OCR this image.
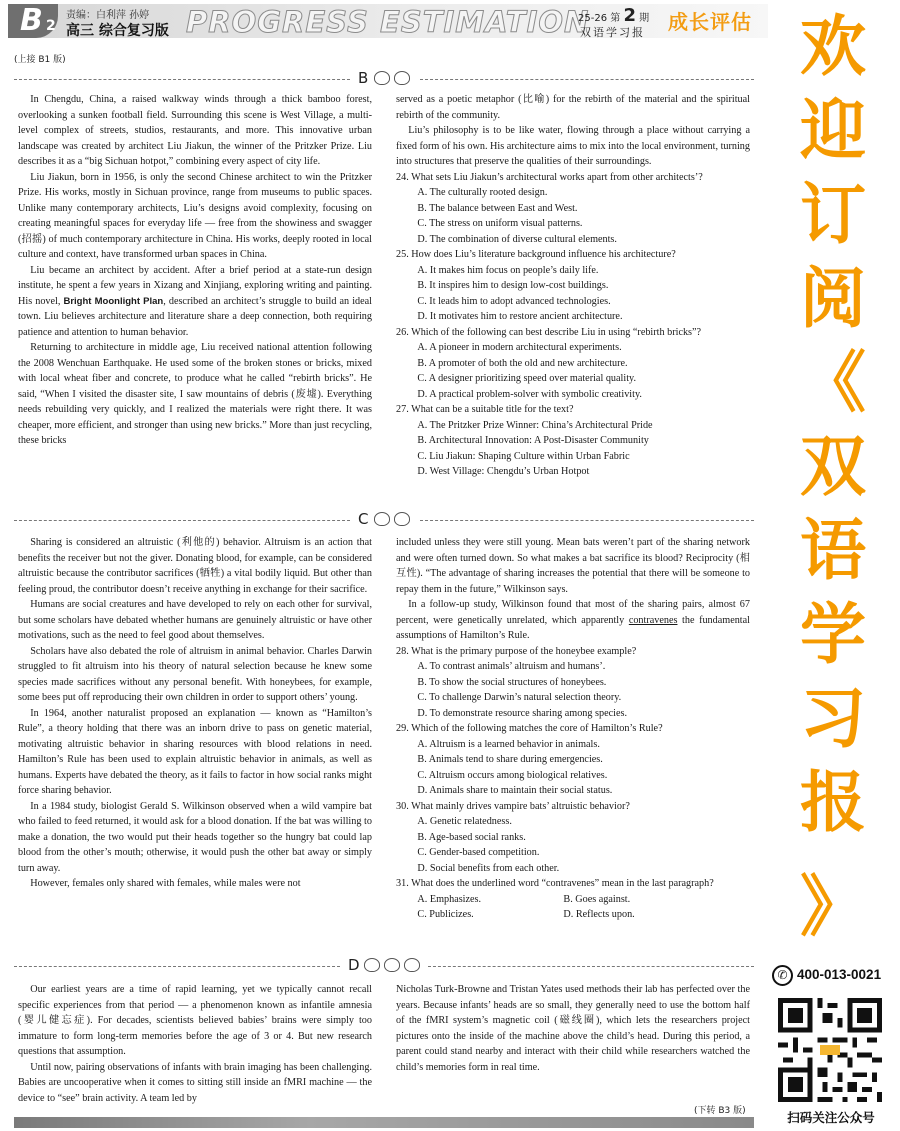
B 2
责编：白利萍 孙婷
高三 综合复习版 PROGRESS ESTIMATION
25-26 第 2 期
双语学习报 成长评估
(上接 B1 版)
B

In Chengdu, China, a raised walkway winds through a thick bamboo forest, overlooking a sunken football field. Surrounding this scene is West Village, a multi-level complex of streets, studios, restaurants, and more. This innovative urban landscape was created by architect Liu Jiakun, the winner of the Pritzker Prize. Liu describes it as a “big Sichuan hotpot,” combining every aspect of city life.

Liu Jiakun, born in 1956, is only the second Chinese architect to win the Pritzker Prize. His works, mostly in Sichuan province, range from museums to public spaces. Unlike many contemporary architects, Liu’s designs avoid complexity, focusing on creating meaningful spaces for everyday life — free from the showiness and swagger (招摇) of much contemporary architecture in China. His works, deeply rooted in local culture and context, have transformed urban spaces in China.

Liu became an architect by accident. After a brief period at a state-run design institute, he spent a few years in Xizang and Xinjiang, exploring writing and painting. His novel, Bright Moonlight Plan, described an architect’s struggle to build an ideal town. Liu believes architecture and literature share a deep connection, both requiring patience and attention to human behavior.

Returning to architecture in middle age, Liu received national attention following the 2008 Wenchuan Earthquake. He used some of the broken stones or bricks, mixed with local wheat fiber and concrete, to produce what he called “rebirth bricks”. He said, “When I visited the disaster site, I saw mountains of debris (废墟). Everything needs rebuilding very quickly, and I realized the materials were right there. It was cheaper, more efficient, and stronger than using new bricks.” More than just recycling, these bricks

served as a poetic metaphor (比喻) for the rebirth of the material and the spiritual rebirth of the community.

Liu’s philosophy is to be like water, flowing through a place without carrying a fixed form of his own. His architecture aims to mix into the local environment, turning into structures that preserve the qualities of their surroundings.

24. What sets Liu Jiakun’s architectural works apart from other architects’?
A. The culturally rooted design.
B. The balance between East and West.
C. The stress on uniform visual patterns.
D. The combination of diverse cultural elements.
25. How does Liu’s literature background influence his architecture?
A. It makes him focus on people’s daily life.
B. It inspires him to design low-cost buildings.
C. It leads him to adopt advanced technologies.
D. It motivates him to restore ancient architecture.
26. Which of the following can best describe Liu in using “rebirth bricks”?
A. A pioneer in modern architectural experiments.
B. A promoter of both the old and new architecture.
C. A designer prioritizing speed over material quality.
D. A practical problem-solver with symbolic creativity.
27. What can be a suitable title for the text?
A. The Pritzker Prize Winner: China’s Architectural Pride
B. Architectural Innovation: A Post-Disaster Community
C. Liu Jiakun: Shaping Culture within Urban Fabric
D. West Village: Chengdu’s Urban Hotpot
C

Sharing is considered an altruistic (利他的) behavior. Altruism is an action that benefits the receiver but not the giver. Donating blood, for example, can be considered altruistic because the contributor sacrifices (牺牲) a vital bodily liquid. But other than feeling proud, the contributor doesn’t receive anything in exchange for their sacrifice.

Humans are social creatures and have developed to rely on each other for survival, but some scholars have debated whether humans are genuinely altruistic or have other motivations, such as the need to feel good about themselves.

Scholars have also debated the role of altruism in animal behavior. Charles Darwin struggled to fit altruism into his theory of natural selection because he knew some species made sacrifices without any personal benefit. With honeybees, for example, some bees put off reproducing their own children in order to support others’ young.

In 1964, another naturalist proposed an explanation — known as “Hamilton’s Rule”, a theory holding that there was an inborn drive to pass on genetic material, motivating altruistic behavior in sharing resources with blood relations in need. Hamilton’s Rule has been used to explain altruistic behavior in animals, as well as humans. Experts have debated the theory, as it fails to factor in how social ranks might force sharing behavior.

In a 1984 study, biologist Gerald S. Wilkinson observed when a wild vampire bat who failed to feed returned, it would ask for a blood donation. If the bat was willing to make a donation, the two would put their heads together so the hungry bat could lap blood from the other’s mouth; otherwise, it would push the other bat away or simply turn away.

However, females only shared with females, while males were not

included unless they were still young. Mean bats weren’t part of the sharing network and were often turned down. So what makes a bat sacrifice its blood? Reciprocity (相互性). “The advantage of sharing increases the potential that there will be someone to repay them in the future,” Wilkinson says.

In a follow-up study, Wilkinson found that most of the sharing pairs, almost 67 percent, were genetically unrelated, which apparently contravenes the fundamental assumptions of Hamilton’s Rule.

28. What is the primary purpose of the honeybee example?
A. To contrast animals’ altruism and humans’.
B. To show the social structures of honeybees.
C. To challenge Darwin’s natural selection theory.
D. To demonstrate resource sharing among species.
29. Which of the following matches the core of Hamilton’s Rule?
A. Altruism is a learned behavior in animals.
B. Animals tend to share during emergencies.
C. Altruism occurs among biological relatives.
D. Animals share to maintain their social status.
30. What mainly drives vampire bats’ altruistic behavior?
A. Genetic relatedness.
B. Age-based social ranks.
C. Gender-based competition.
D. Social benefits from each other.
31. What does the underlined word “contravenes” mean in the last paragraph?
A. Emphasizes.	B. Goes against.
C. Publicizes.	D. Reflects upon.
D

Our earliest years are a time of rapid learning, yet we typically cannot recall specific experiences from that period — a phenomenon known as infantile amnesia (婴儿健忘症). For decades, scientists believed babies’ brains were simply too immature to form long-term memories before the age of 3 or 4. But new research questions that assumption.

Until now, pairing observations of infants with brain imaging has been challenging. Babies are uncooperative when it comes to sitting still inside an fMRI machine — the device to “see” brain activity. A team led by

Nicholas Turk-Browne and Tristan Yates used methods their lab has perfected over the years. Because infants’ heads are so small, they generally need to use the bottom half of the fMRI system’s magnetic coil (磁线圈), which lets the researchers project pictures onto the inside of the machine above the child’s head. During this period, a parent could stand nearby and interact with their child while researchers watched the child’s memories form in real time.

(下转 B3 版)
欢
迎
订
阅
《
双
语
学
习
报
》
✆ 400-013-0021
扫码关注公众号
